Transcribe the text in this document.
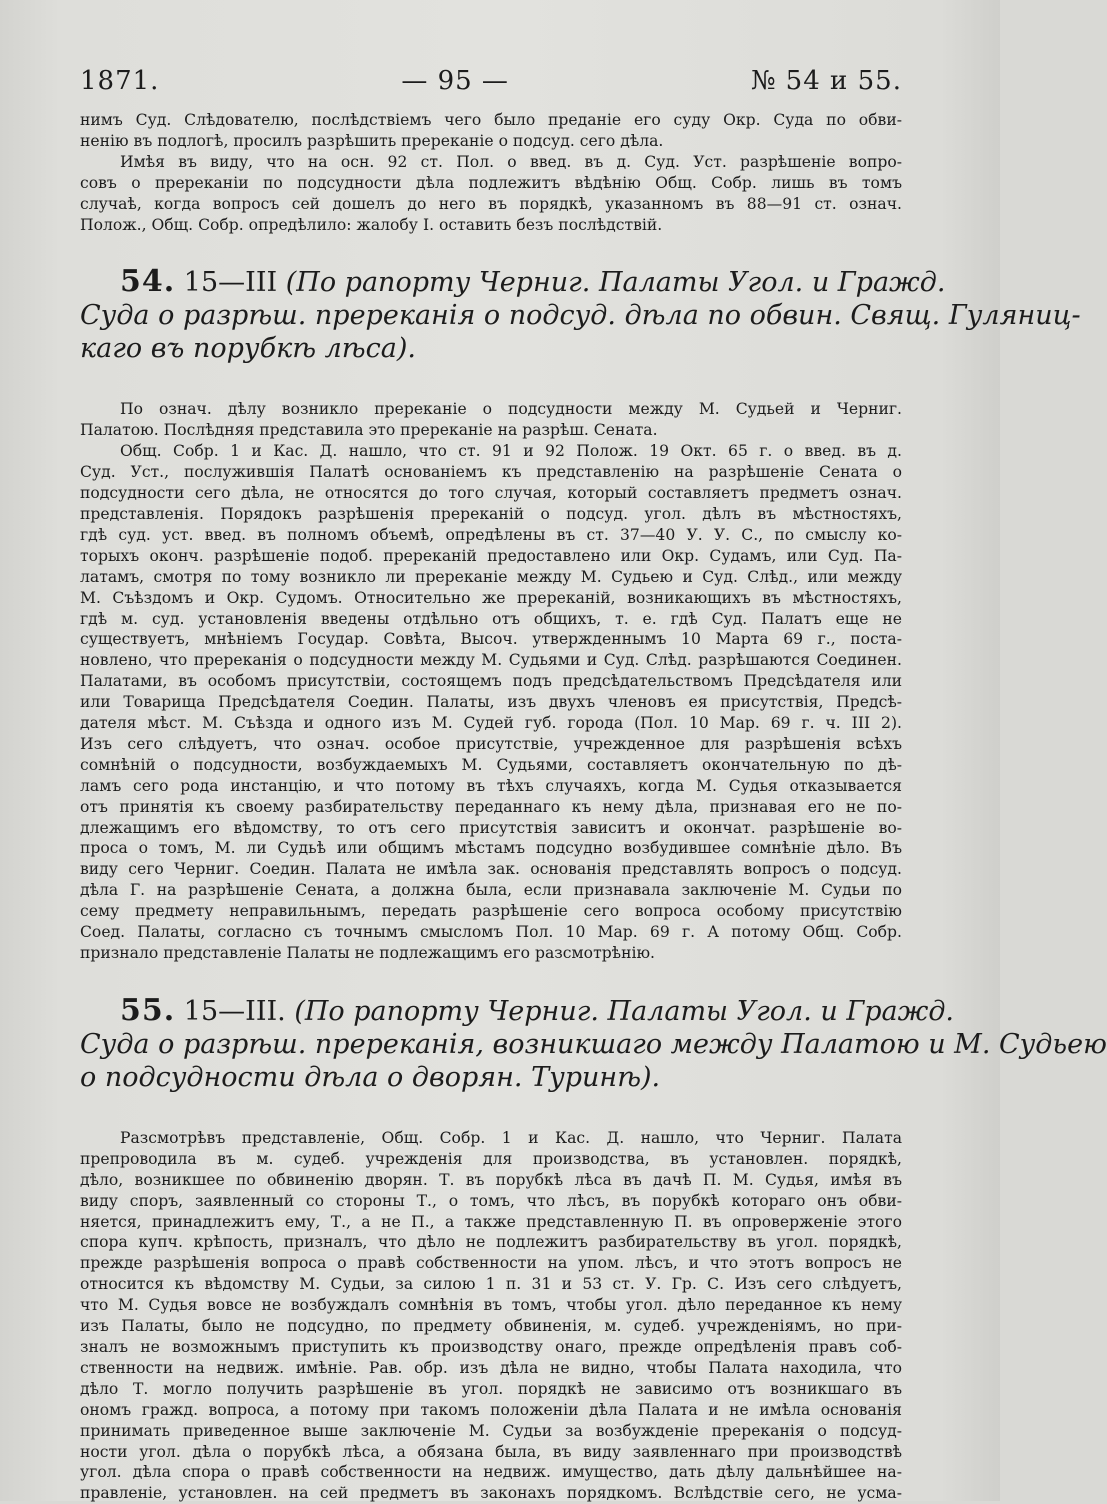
1871.	— 95 —	№ 54 и 55.
нимъ Суд. Слѣдователю, послѣдствіемъ чего было преданіе его суду Окр. Суда по обви-
ненію въ подлогѣ, просилъ разрѣшить пререканіе о подсуд. сего дѣла.
Имѣя въ виду, что на осн. 92 ст. Пол. о введ. въ д. Суд. Уст. разрѣшеніе вопро-
совъ о пререканіи по подсудности дѣла подлежитъ вѣдѣнію Общ. Собр. лишь въ томъ
случаѣ, когда вопросъ сей дошелъ до него въ порядкѣ, указанномъ въ 88—91 ст. означ.
Полож., Общ. Собр. опредѣлило: жалобу І. оставить безъ послѣдствій.
54. 15—III (По рапорту Черниг. Палаты Угол. и Гражд.
Суда о разрѣш. пререканія о подсуд. дѣла по обвин. Свящ. Гуляниц-
каго въ порубкѣ лѣса).
По означ. дѣлу возникло пререканіе о подсудности между М. Судьей и Черниг.
Палатою. Послѣдняя представила это пререканіе на разрѣш. Сената.
Общ. Собр. 1 и Кас. Д. нашло, что ст. 91 и 92 Полож. 19 Окт. 65 г. о введ. въ д.
Суд. Уст., послужившія Палатѣ основаніемъ къ представленію на разрѣшеніе Сената о
подсудности сего дѣла, не относятся до того случая, который составляетъ предметъ означ.
представленія. Порядокъ разрѣшенія пререканій о подсуд. угол. дѣлъ въ мѣстностяхъ,
гдѣ суд. уст. введ. въ полномъ объемѣ, опредѣлены въ ст. 37—40 У. У. С., по смыслу ко-
торыхъ оконч. разрѣшеніе подоб. пререканій предоставлено или Окр. Судамъ, или Суд. Па-
латамъ, смотря по тому возникло ли пререканіе между М. Судьею и Суд. Слѣд., или между
М. Съѣздомъ и Окр. Судомъ. Относительно же пререканій, возникающихъ въ мѣстностяхъ,
гдѣ м. суд. установленія введены отдѣльно отъ общихъ, т. е. гдѣ Суд. Палатъ еще не
существуетъ, мнѣніемъ Государ. Совѣта, Высоч. утвержденнымъ 10 Марта 69 г., поста-
новлено, что пререканія о подсудности между М. Судьями и Суд. Слѣд. разрѣшаются Соединен.
Палатами, въ особомъ присутствіи, состоящемъ подъ предсѣдательствомъ Предсѣдателя или
или Товарища Предсѣдателя Соедин. Палаты, изъ двухъ членовъ ея присутствія, Предсѣ-
дателя мѣст. М. Съѣзда и одного изъ М. Судей губ. города (Пол. 10 Мар. 69 г. ч. III 2).
Изъ сего слѣдуетъ, что означ. особое присутствіе, учрежденное для разрѣшенія всѣхъ
сомнѣній о подсудности, возбуждаемыхъ М. Судьями, составляетъ окончательную по дѣ-
ламъ сего рода инстанцію, и что потому въ тѣхъ случаяхъ, когда М. Судья отказывается
отъ принятія къ своему разбирательству переданнаго къ нему дѣла, признавая его не по-
длежащимъ его вѣдомству, то отъ сего присутствія зависитъ и окончат. разрѣшеніе во-
проса о томъ, М. ли Судьѣ или общимъ мѣстамъ подсудно возбудившее сомнѣніе дѣло. Въ
виду сего Черниг. Соедин. Палата не имѣла зак. основанія представлять вопросъ о подсуд.
дѣла Г. на разрѣшеніе Сената, а должна была, если признавала заключеніе М. Судьи по
сему предмету неправильнымъ, передать разрѣшеніе сего вопроса особому присутствію
Соед. Палаты, согласно съ точнымъ смысломъ Пол. 10 Мар. 69 г. А потому Общ. Собр.
призналo представленіе Палаты не подлежащимъ его разсмотрѣнію.
55. 15—III. (По рапорту Черниг. Палаты Угол. и Гражд.
Суда о разрѣш. пререканія, возникшаго между Палатою и М. Судьею
о подсудности дѣла о дворян. Туринѣ).
Разсмотрѣвъ представленіе, Общ. Собр. 1 и Кас. Д. нашло, что Черниг. Палата
препроводила въ м. судеб. учрежденія для производства, въ установлен. порядкѣ,
дѣло, возникшее по обвиненію дворян. Т. въ порубкѣ лѣса въ дачѣ П. М. Судья, имѣя въ
виду споръ, заявленный со стороны Т., о томъ, что лѣсъ, въ порубкѣ котораго онъ обви-
няется, принадлежитъ ему, Т., а не П., а также представленную П. въ опроверженіе этого
спора купч. крѣпость, призналъ, что дѣло не подлежитъ разбирательству въ угол. порядкѣ,
прежде разрѣшенія вопроса о правѣ собственности на упом. лѣсъ, и что этотъ вопросъ не
относится къ вѣдомству М. Судьи, за силою 1 п. 31 и 53 ст. У. Гр. С. Изъ сего слѣдуетъ,
что М. Судья вовсе не возбуждалъ сомнѣнія въ томъ, чтобы угол. дѣло переданное къ нему
изъ Палаты, было не подсудно, по предмету обвиненія, м. судеб. учрежденіямъ, но при-
зналъ не возможнымъ приступить къ производству онаго, прежде опредѣленія правъ соб-
ственности на недвиж. имѣніе. Рав. обр. изъ дѣла не видно, чтобы Палата находила, что
дѣло Т. могло получить разрѣшеніе въ угол. порядкѣ не зависимо отъ возникшаго въ
ономъ гражд. вопроса, а потому при такомъ положеніи дѣла Палата и не имѣла основанія
принимать приведенное выше заключеніе М. Судьи за возбужденіе пререканія о подсуд-
ности угол. дѣла о порубкѣ лѣса, а обязана была, въ виду заявленнаго при производствѣ
угол. дѣла спора о правѣ собственности на недвиж. имущество, дать дѣлу дальнѣйшее на-
правленіе, установлен. на сей предметъ въ законахъ порядкомъ. Вслѣдствіе сего, не усма-
